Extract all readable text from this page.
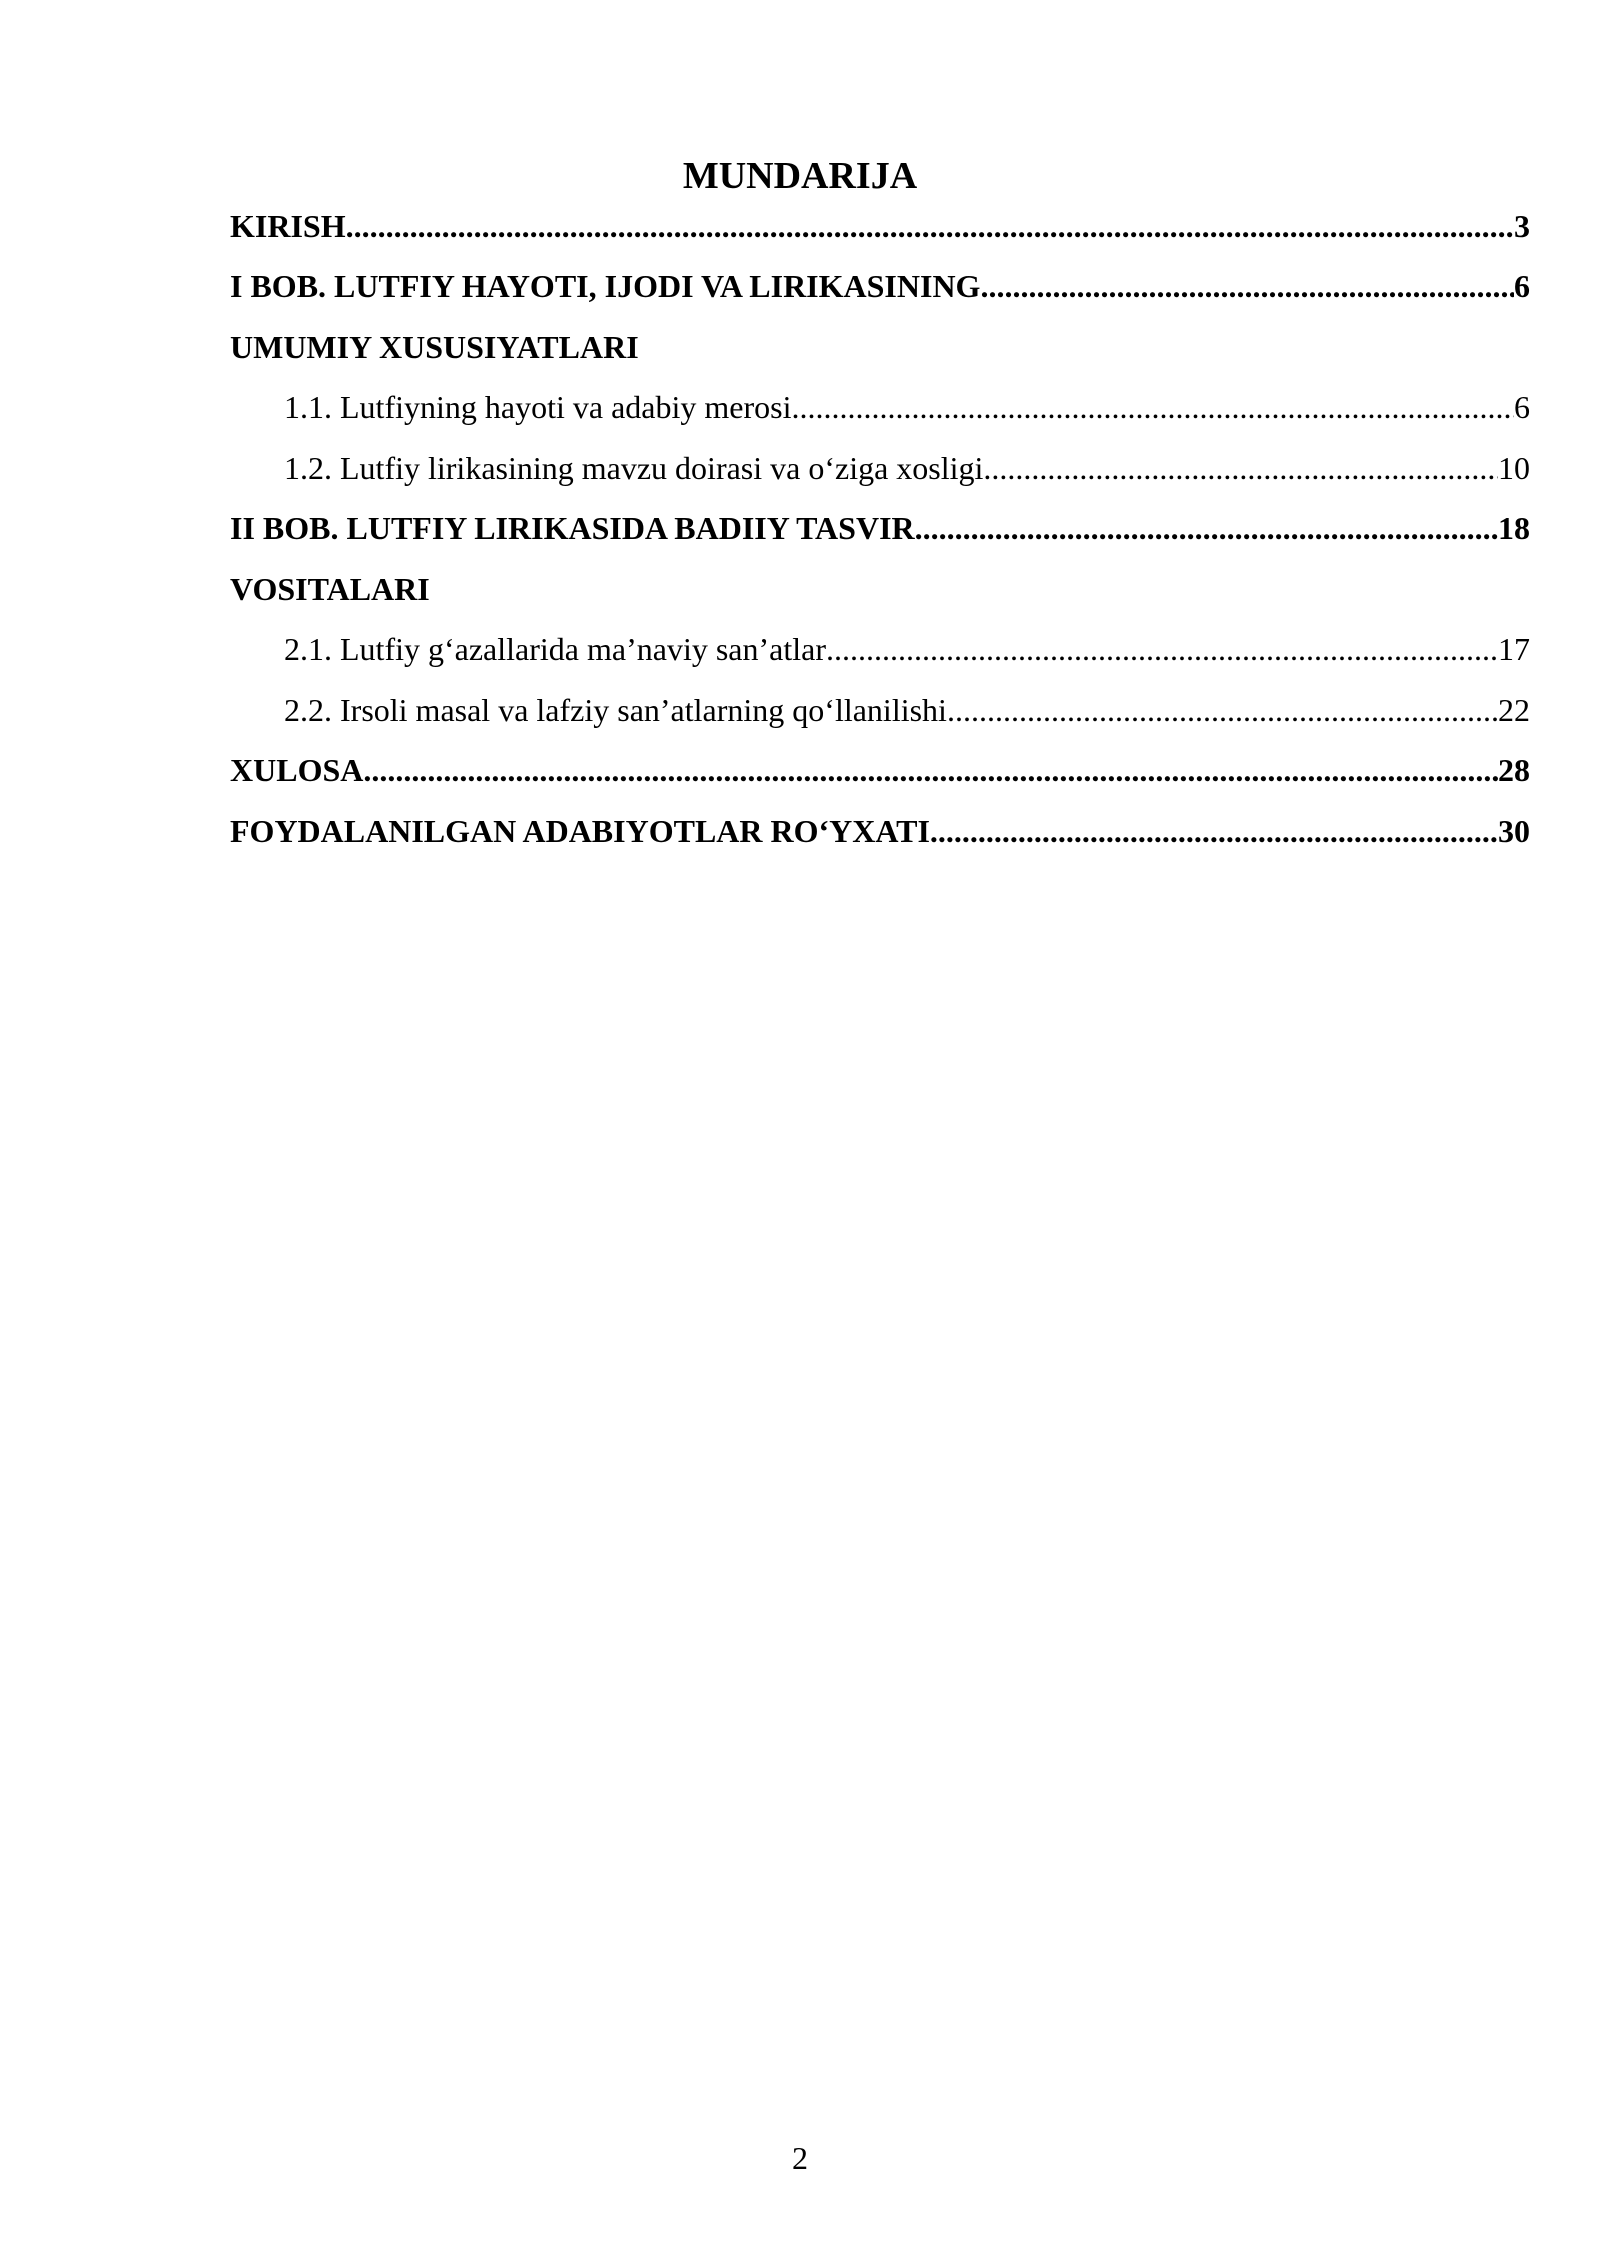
MUNDARIJA
KIRISH .....	3
I BOB. LUTFIY HAYOTI, IJODI VA LIRIKASINING .....	6
UMUMIY XUSUSIYATLARI
1.1. Lutfiyning hayoti va adabiy merosi .....	6
1.2. Lutfiy lirikasining mavzu doirasi va o‘ziga xosligi .....	10
II BOB. LUTFIY LIRIKASIDA BADIIY TASVIR .....	18
VOSITALARI
2.1. Lutfiy g‘azallarida ma’naviy san’atlar .....	17
2.2. Irsoli masal va lafziy san’atlarning qo‘llanilishi .....	22
XULOSA .....	28
FOYDALANILGAN ADABIYOTLAR RO‘YXATI .....	30
2
